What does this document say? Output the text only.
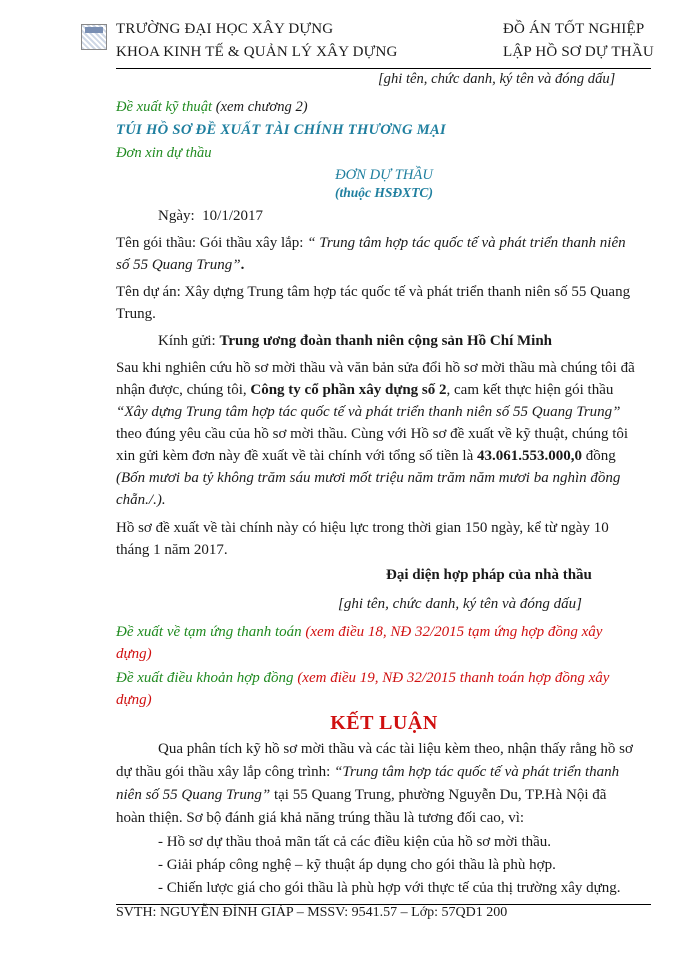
TRƯỜNG ĐẠI HỌC XÂY DỰNG
KHOA KINH TẾ & QUẢN LÝ XÂY DỰNG
ĐỒ ÁN TỐT NGHIỆP
LẬP HỒ SƠ DỰ THẦU
[ghi tên, chức danh, ký tên và đóng dấu]
Đề xuất kỹ thuật (xem chương 2)
TÚI HỒ SƠ ĐỀ XUẤT TÀI CHÍNH THƯƠNG MẠI
Đơn xin dự thầu
ĐƠN DỰ THẦU
(thuộc HSĐXTC)
Ngày: 10/1/2017
Tên gói thầu: Gói thầu xây lắp: “ Trung tâm hợp tác quốc tế và phát triển thanh niên
số 55 Quang Trung”.
Tên dự án: Xây dựng Trung tâm hợp tác quốc tế và phát triển thanh niên số 55 Quang
Trung.
Kính gửi: Trung ương đoàn thanh niên cộng sản Hồ Chí Minh
Sau khi nghiên cứu hồ sơ mời thầu và văn bản sửa đổi hồ sơ mời thầu mà chúng tôi đã
nhận được, chúng tôi, Công ty cổ phần xây dựng số 2, cam kết thực hiện gói thầu
“Xây dựng Trung tâm hợp tác quốc tế và phát triển thanh niên số 55 Quang Trung”
theo đúng yêu cầu của hồ sơ mời thầu. Cùng với Hồ sơ đề xuất về kỹ thuật, chúng tôi
xin gửi kèm đơn này đề xuất về tài chính với tổng số tiền là 43.061.553.000,0 đồng
(Bốn mươi ba tỷ không trăm sáu mươi mốt triệu năm trăm năm mươi ba nghìn đồng
chẵn./.).
Hồ sơ đề xuất về tài chính này có hiệu lực trong thời gian 150 ngày, kể từ ngày 10
tháng 1 năm 2017.
Đại diện hợp pháp của nhà thầu
[ghi tên, chức danh, ký tên và đóng dấu]
Đề xuất về tạm ứng thanh toán (xem điều 18, NĐ 32/2015 tạm ứng hợp đồng xây
dựng)
Đề xuất điều khoản hợp đồng (xem điều 19, NĐ 32/2015 thanh toán hợp đồng xây
dựng)
KẾT LUẬN
Qua phân tích kỹ hồ sơ mời thầu và các tài liệu kèm theo, nhận thấy rằng hồ sơ
dự thầu gói thầu xây lắp công trình: “Trung tâm hợp tác quốc tế và phát triển thanh
niên số 55 Quang Trung” tại 55 Quang Trung, phường Nguyễn Du, TP.Hà Nội đã
hoàn thiện. Sơ bộ đánh giá khả năng trúng thầu là tương đối cao, vì:
- Hồ sơ dự thầu thoả mãn tất cả các điều kiện của hồ sơ mời thầu.
- Giải pháp công nghệ – kỹ thuật áp dụng cho gói thầu là phù hợp.
- Chiến lược giá cho gói thầu là phù hợp với thực tế của thị trường xây dựng.
SVTH: NGUYỄN ĐÌNH GIÁP – MSSV: 9541.57 – Lớp: 57QD1 200
